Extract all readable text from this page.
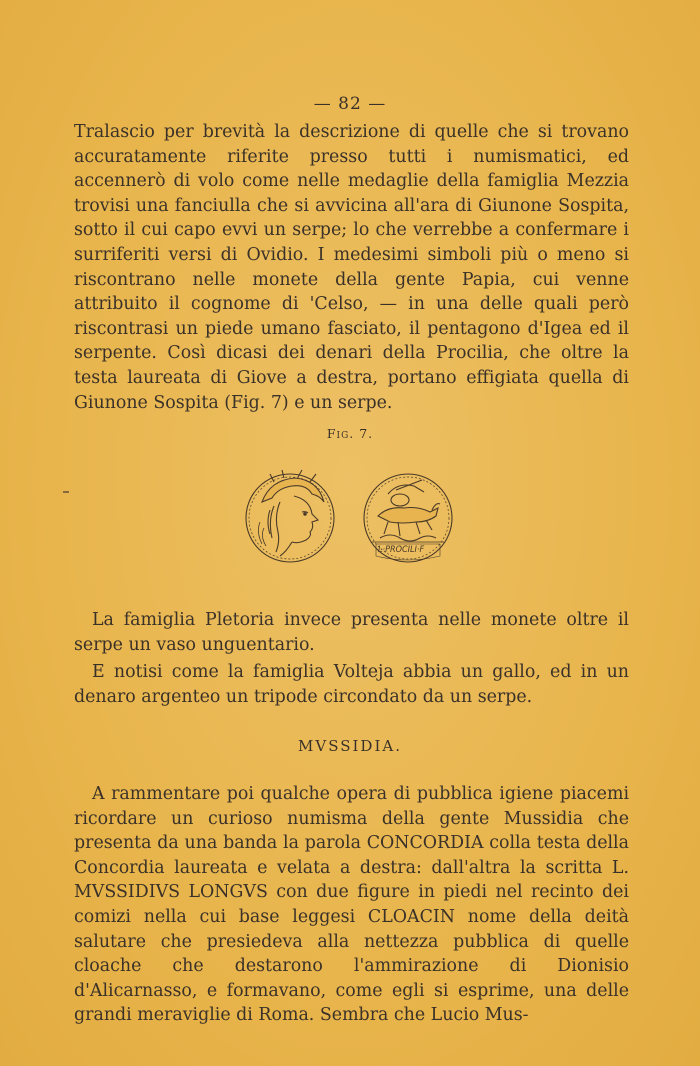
— 82 —

Tralascio per brevità la descrizione di quelle che si trovano accuratamente riferite presso tutti i numismatici, ed accennerò di volo come nelle medaglie della famiglia Mezzia trovisi una fanciulla che si avvicina all'ara di Giunone Sospita, sotto il cui capo evvi un serpe; lo che verrebbe a confermare i surriferiti versi di Ovidio. I medesimi simboli più o meno si riscontrano nelle monete della gente Papia, cui venne attribuito il cognome di 'Celso, — in una delle quali però riscontrasi un piede umano fasciato, il pentagono d'Igea ed il serpente. Così dicasi dei denari della Procilia, che oltre la testa laureata di Giove a destra, portano effigiata quella di Giunone Sospita (Fig. 7) e un serpe.

Fig. 7.
L·PROCILI·F

La famiglia Pletoria invece presenta nelle monete oltre il serpe un vaso unguentario.

E notisi come la famiglia Volteja abbia un gallo, ed in un denaro argenteo un tripode circondato da un serpe.

MVSSIDIA.

A rammentare poi qualche opera di pubblica igiene piacemi ricordare un curioso numisma della gente Mussidia che presenta da una banda la parola CONCORDIA colla testa della Concordia laureata e velata a destra: dall'altra la scritta L. MVSSIDIVS LONGVS con due figure in piedi nel recinto dei comizi nella cui base leggesi CLOACIN nome della deità salutare che presiedeva alla nettezza pubblica di quelle cloache che destarono l'ammirazione di Dionisio d'Alicarnasso, e formavano, come egli si esprime, una delle grandi meraviglie di Roma. Sembra che Lucio Mus-
